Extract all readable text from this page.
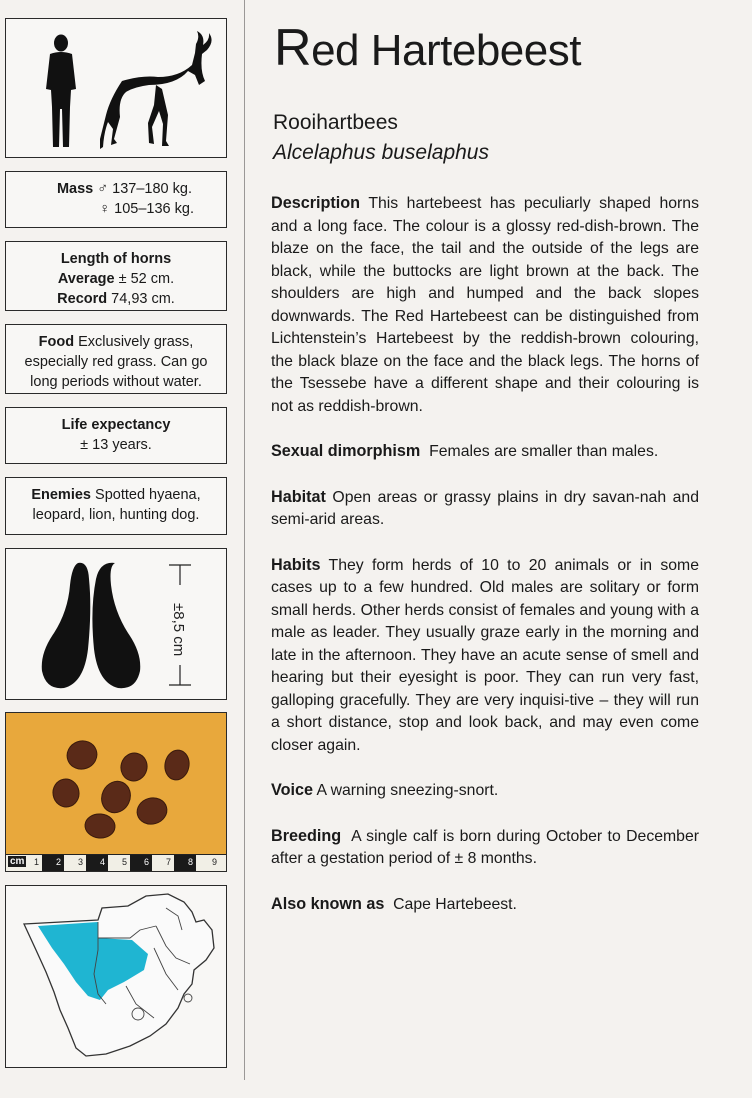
Mass ♂ 137–180 kg.
♀ 105–136 kg.
Length of horns
Average ± 52 cm.
Record 74,93 cm.
Food Exclusively grass,
especially red grass. Can go
long periods without water.
Life expectancy
± 13 years.
Enemies Spotted hyaena,
leopard, lion, hunting dog.
±8,5 cm
cm 1 2 3 4 5 6 7 8 9
Red Hartebeest
Rooihartbees
Alcelaphus buselaphus

Description This hartebeest has peculiarly shaped horns and a long face. The colour is a glossy red-dish-brown. The blaze on the face, the tail and the outside of the legs are black, while the buttocks are light brown at the back. The shoulders are high and humped and the back slopes downwards. The Red Hartebeest can be distinguished from Lichtenstein’s Hartebeest by the reddish-brown colouring, the black blaze on the face and the black legs. The horns of the Tsessebe have a different shape and their colouring is not as reddish-brown.

Sexual dimorphism Females are smaller than males.

Habitat Open areas or grassy plains in dry savan-nah and semi-arid areas.

Habits They form herds of 10 to 20 animals or in some cases up to a few hundred. Old males are solitary or form small herds. Other herds consist of females and young with a male as leader. They usually graze early in the morning and late in the afternoon. They have an acute sense of smell and hearing but their eyesight is poor. They can run very fast, galloping gracefully. They are very inquisi-tive – they will run a short distance, stop and look back, and may even come closer again.

Voice A warning sneezing-snort.

Breeding A single calf is born during October to December after a gestation period of ± 8 months.

Also known as Cape Hartebeest.
